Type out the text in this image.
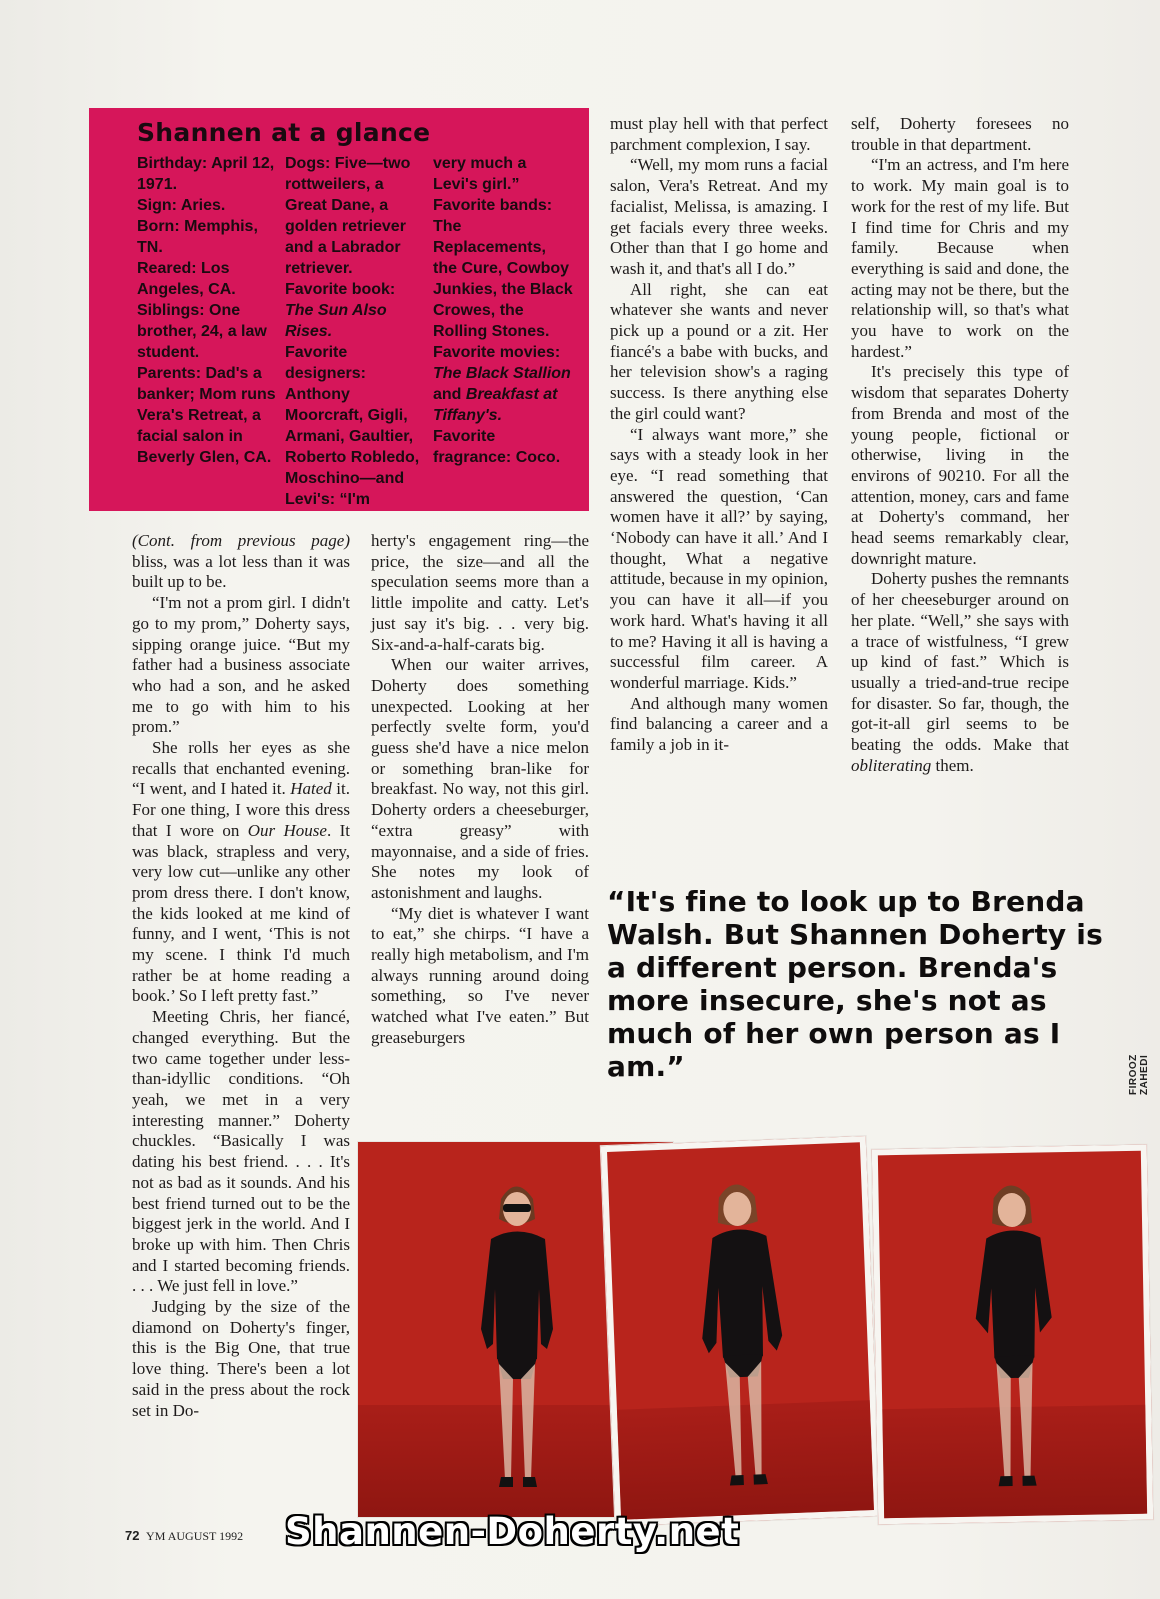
Shannen at a glance

Birthday: April 12, 1971.

Sign: Aries.

Born: Memphis, TN.

Reared: Los Angeles, CA.

Siblings: One brother, 24, a law student.

Parents: Dad's a banker; Mom runs Vera's Retreat, a facial salon in Beverly Glen, CA.

Dogs: Five—two rottweilers, a Great Dane, a golden retriever and a Labrador retriever.

Favorite book: The Sun Also Rises.

Favorite designers: Anthony Moorcraft, Gigli, Armani, Gaultier, Roberto Robledo, Moschino—and Levi's: “I'm

very much a Levi's girl.”

Favorite bands: The Replacements, the Cure, Cowboy Junkies, the Black Crowes, the Rolling Stones.

Favorite movies: The Black Stallion and Breakfast at Tiffany's.

Favorite fragrance: Coco.

(Cont. from previous page) bliss, was a lot less than it was built up to be.

“I'm not a prom girl. I didn't go to my prom,” Doherty says, sipping orange juice. “But my father had a business associate who had a son, and he asked me to go with him to his prom.”

She rolls her eyes as she recalls that enchanted evening. “I went, and I hated it. Hated it. For one thing, I wore this dress that I wore on Our House. It was black, strapless and very, very low cut—unlike any other prom dress there. I don't know, the kids looked at me kind of funny, and I went, ‘This is not my scene. I think I'd much rather be at home reading a book.’ So I left pretty fast.”

Meeting Chris, her fiancé, changed everything. But the two came together under less-than-idyllic conditions. “Oh yeah, we met in a very interesting manner.” Doherty chuckles. “Basically I was dating his best friend. . . . It's not as bad as it sounds. And his best friend turned out to be the biggest jerk in the world. And I broke up with him. Then Chris and I started becoming friends. . . . We just fell in love.”

Judging by the size of the diamond on Doherty's finger, this is the Big One, that true love thing. There's been a lot said in the press about the rock set in Do-

herty's engagement ring—the price, the size—and all the speculation seems more than a little impolite and catty. Let's just say it's big. . . very big. Six-and-a-half-carats big.

When our waiter arrives, Doherty does something unexpected. Looking at her perfectly svelte form, you'd guess she'd have a nice melon or something bran-like for breakfast. No way, not this girl. Doherty orders a cheeseburger, “extra greasy” with mayonnaise, and a side of fries. She notes my look of astonishment and laughs.

“My diet is whatever I want to eat,” she chirps. “I have a really high metabolism, and I'm always running around doing something, so I've never watched what I've eaten.” But greaseburgers

must play hell with that perfect parchment complexion, I say.

“Well, my mom runs a facial salon, Vera's Retreat. And my facialist, Melissa, is amazing. I get facials every three weeks. Other than that I go home and wash it, and that's all I do.”

All right, she can eat whatever she wants and never pick up a pound or a zit. Her fiancé's a babe with bucks, and her television show's a raging success. Is there anything else the girl could want?

“I always want more,” she says with a steady look in her eye. “I read something that answered the question, ‘Can women have it all?’ by saying, ‘Nobody can have it all.’ And I thought, What a negative attitude, because in my opinion, you can have it all—if you work hard. What's having it all to me? Having it all is having a successful film career. A wonderful marriage. Kids.”

And although many women find balancing a career and a family a job in it-

self, Doherty foresees no trouble in that department.

“I'm an actress, and I'm here to work. My main goal is to work for the rest of my life. But I find time for Chris and my family. Because when everything is said and done, the acting may not be there, but the relationship will, so that's what you have to work on the hardest.”

It's precisely this type of wisdom that separates Doherty from Brenda and most of the young people, fictional or otherwise, living in the environs of 90210. For all the attention, money, cars and fame at Doherty's command, her head seems remarkably clear, downright mature.

Doherty pushes the remnants of her cheeseburger around on her plate. “Well,” she says with a trace of wistfulness, “I grew up kind of fast.” Which is usually a tried-and-true recipe for disaster. So far, though, the got-it-all girl seems to be beating the odds. Make that obliterating them.

“It's fine to look up to Brenda Walsh. But Shannen Doherty is a different person. Brenda's more insecure, she's not as much of her own person as I am.”	FIROOZ ZAHEDI
72 YM AUGUST 1992 Shannen-Doherty.net
